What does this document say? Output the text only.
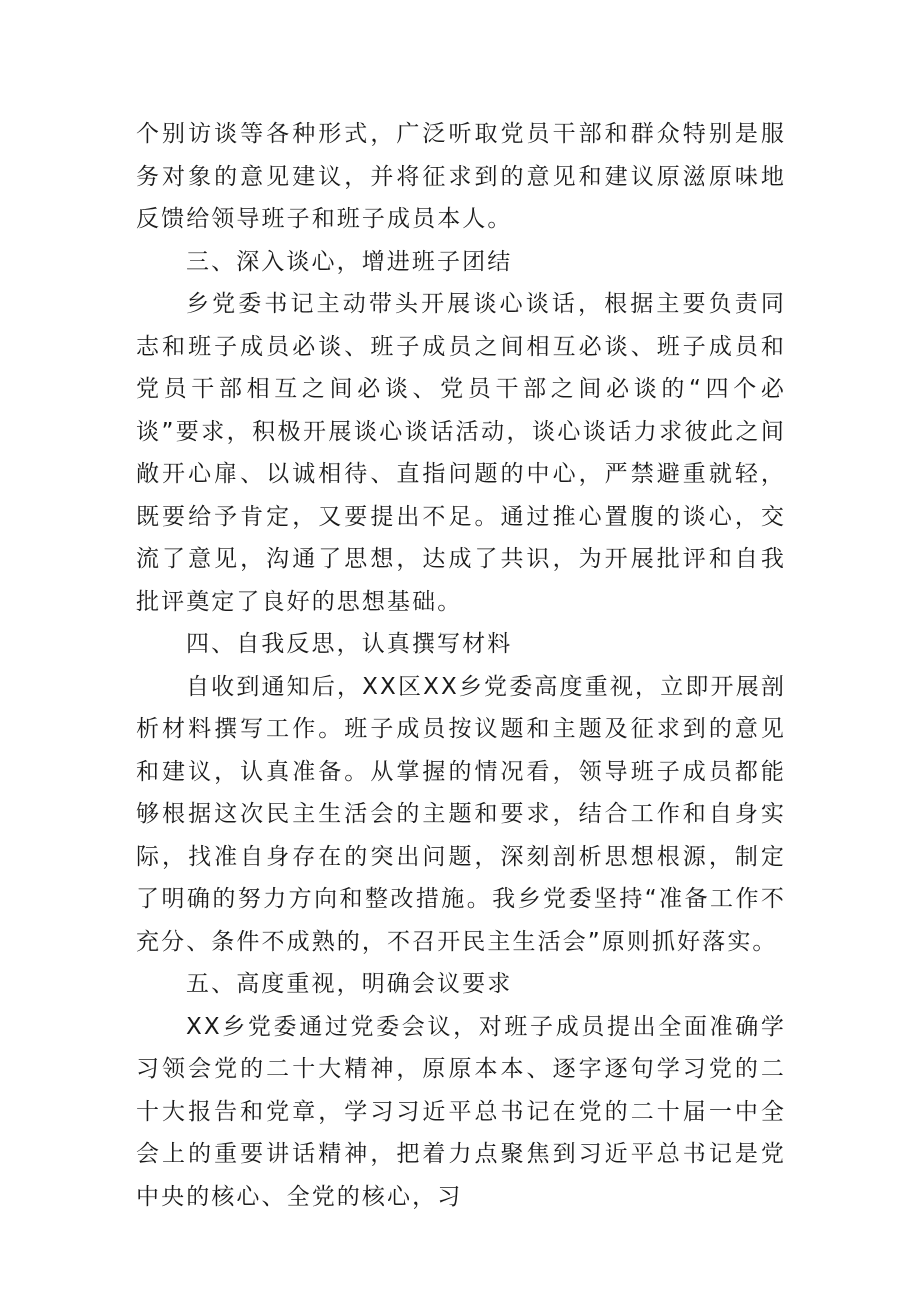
个别访谈等各种形式，广泛听取党员干部和群众特别是服务对象的意见建议，并将征求到的意见和建议原滋原味地反馈给领导班子和班子成员本人。

三、深入谈心，增进班子团结

乡党委书记主动带头开展谈心谈话，根据主要负责同志和班子成员必谈、班子成员之间相互必谈、班子成员和党员干部相互之间必谈、党员干部之间必谈的“四个必谈”要求，积极开展谈心谈话活动，谈心谈话力求彼此之间敞开心扉、以诚相待、直指问题的中心，严禁避重就轻，既要给予肯定，又要提出不足。通过推心置腹的谈心，交流了意见，沟通了思想，达成了共识，为开展批评和自我批评奠定了良好的思想基础。

四、自我反思，认真撰写材料

自收到通知后，XX区XX乡党委高度重视，立即开展剖析材料撰写工作。班子成员按议题和主题及征求到的意见和建议，认真准备。从掌握的情况看，领导班子成员都能够根据这次民主生活会的主题和要求，结合工作和自身实际，找准自身存在的突出问题，深刻剖析思想根源，制定了明确的努力方向和整改措施。我乡党委坚持“准备工作不充分、条件不成熟的，不召开民主生活会”原则抓好落实。

五、高度重视，明确会议要求

XX乡党委通过党委会议，对班子成员提出全面准确学习领会党的二十大精神，原原本本、逐字逐句学习党的二十大报告和党章，学习习近平总书记在党的二十届一中全会上的重要讲话精神，把着力点聚焦到习近平总书记是党中央的核心、全党的核心，习
